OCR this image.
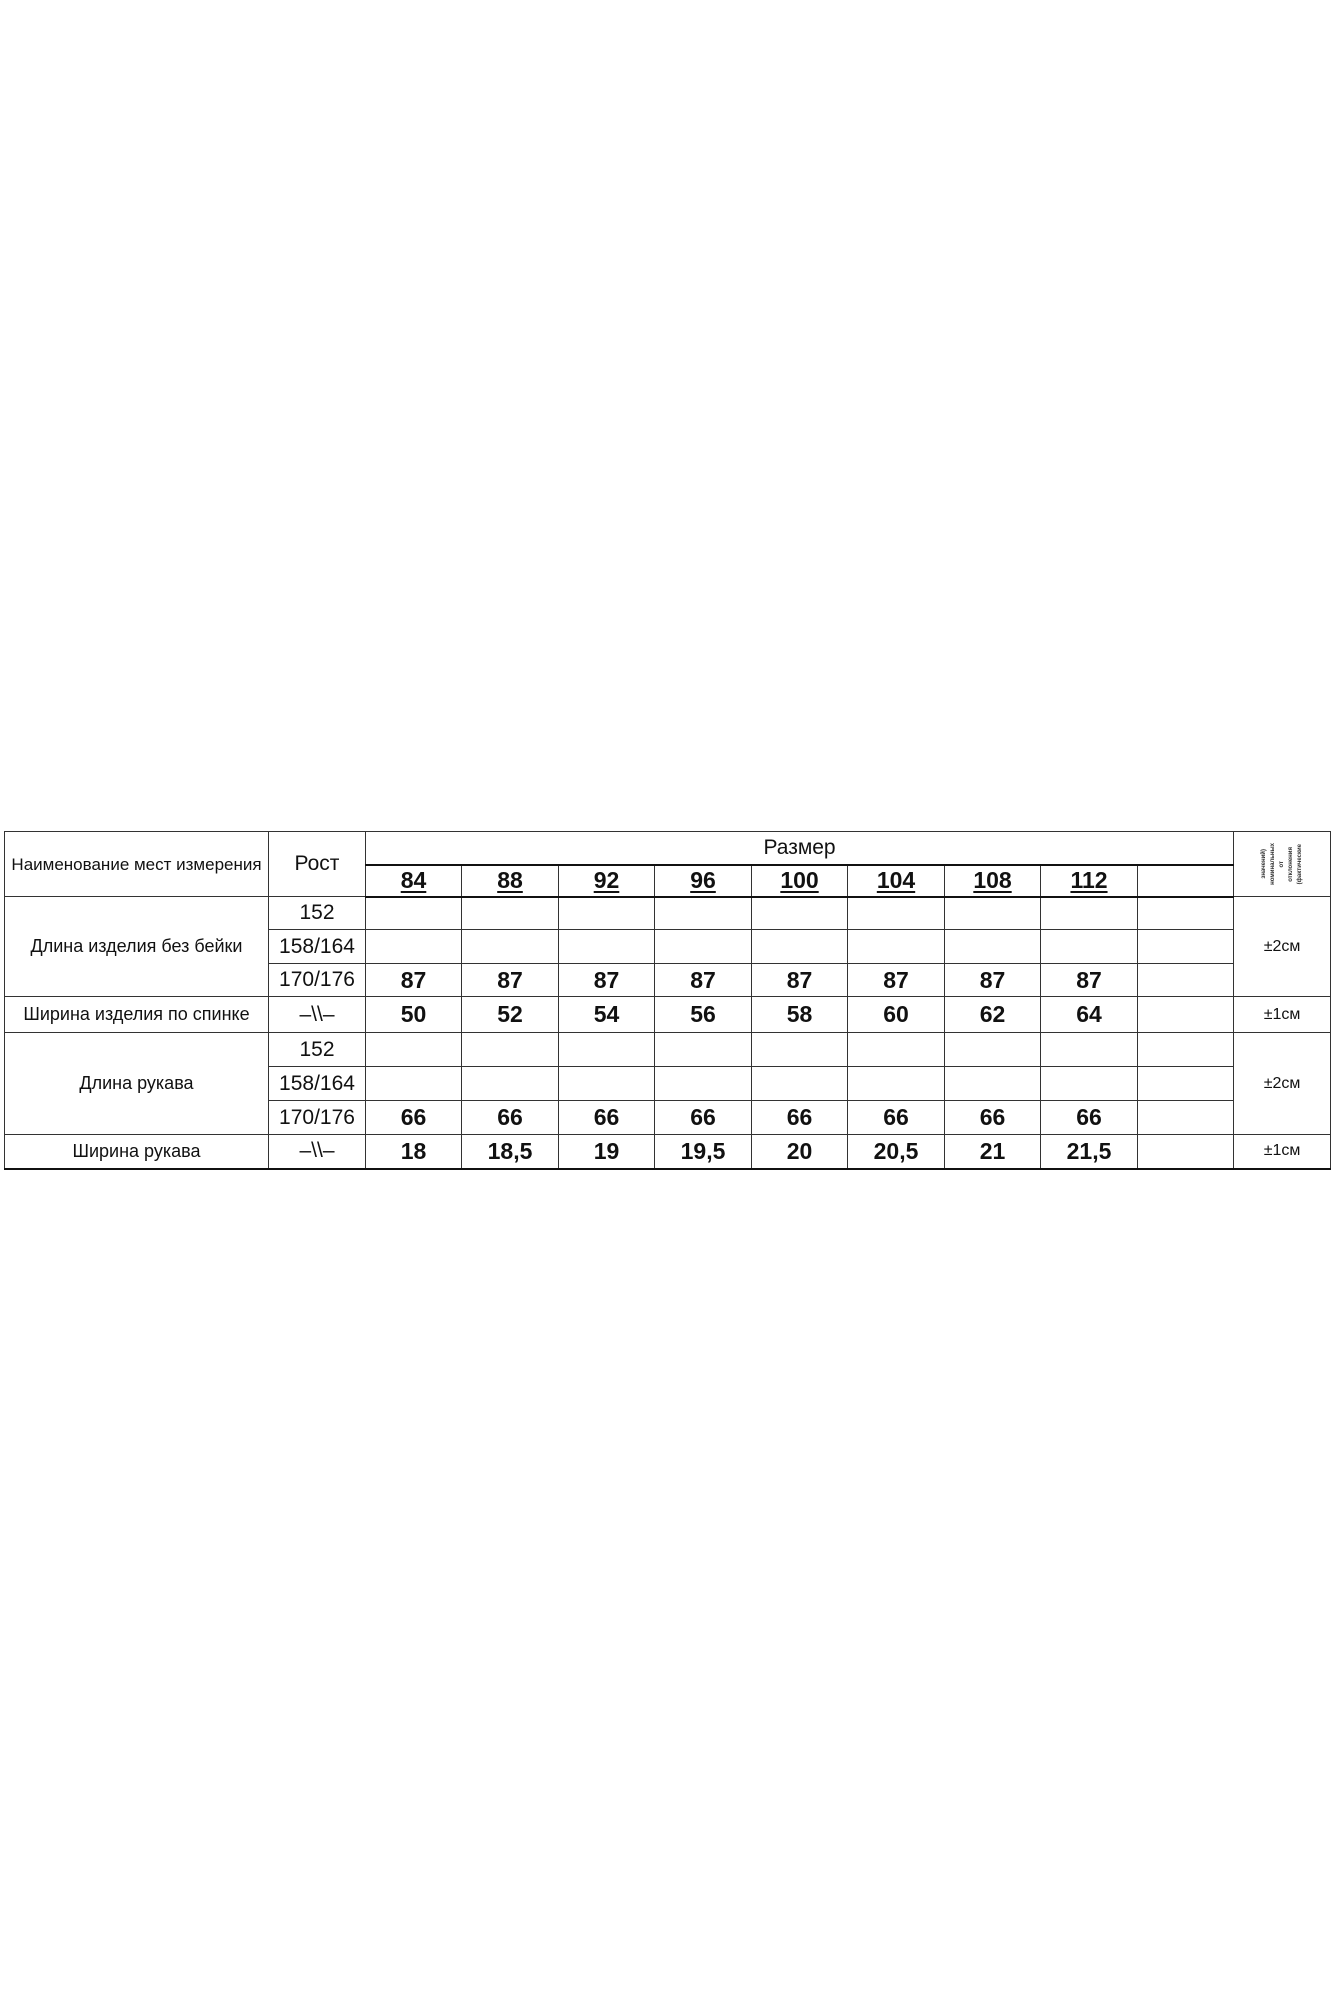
Наименование мест измерения	Рост	Размер									значений) номинальных от отклонения (фактические

		84	88	92	96	100	104	108	112		
Длина изделия без бейки	152										±2см
	158/164										
	170/176	87	87	87	87	87	87	87	87		
Ширина изделия по спинке	–\\–	50	52	54	56	58	60	62	64		±1см
Длина рукава	152										±2см
	158/164										
	170/176	66	66	66	66	66	66	66	66		
Ширина рукава	–\\–	18	18,5	19	19,5	20	20,5	21	21,5		±1см
